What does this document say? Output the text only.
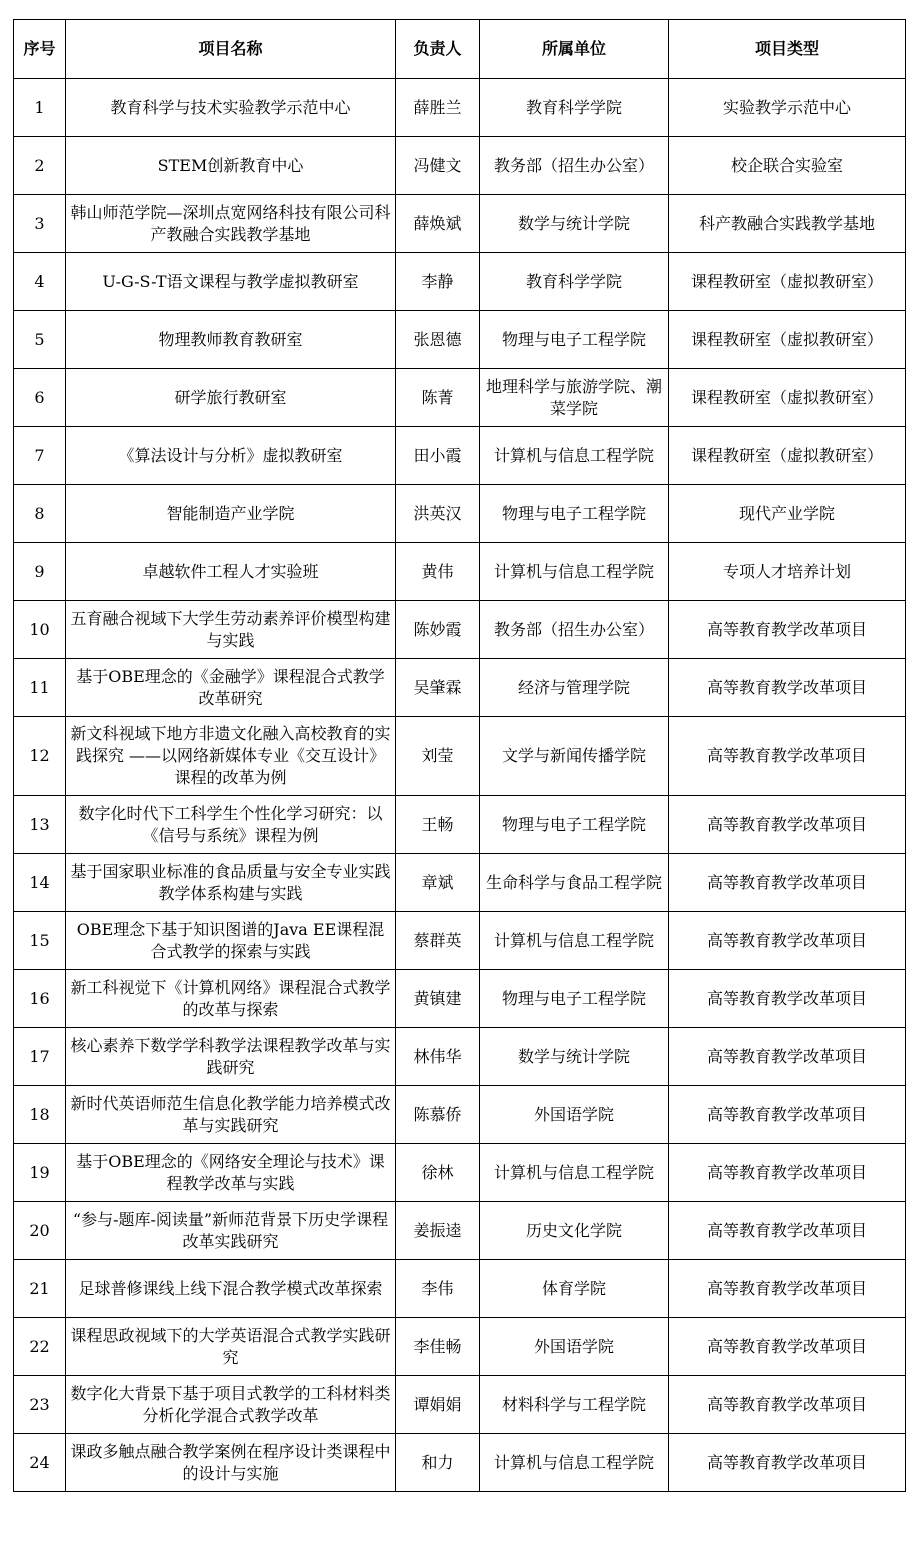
序号	项目名称	负责人	所属单位	项目类型
1	教育科学与技术实验教学示范中心	薛胜兰	教育科学学院	实验教学示范中心
2	STEM创新教育中心	冯健文	教务部（招生办公室）	校企联合实验室
3	韩山师范学院—深圳点宽网络科技有限公司科产教融合实践教学基地	薛焕斌	数学与统计学院	科产教融合实践教学基地
4	U-G-S-T语文课程与教学虚拟教研室	李静	教育科学学院	课程教研室（虚拟教研室）
5	物理教师教育教研室	张恩德	物理与电子工程学院	课程教研室（虚拟教研室）
6	研学旅行教研室	陈菁	地理科学与旅游学院、潮菜学院	课程教研室（虚拟教研室）
7	《算法设计与分析》虚拟教研室	田小霞	计算机与信息工程学院	课程教研室（虚拟教研室）
8	智能制造产业学院	洪英汉	物理与电子工程学院	现代产业学院
9	卓越软件工程人才实验班	黄伟	计算机与信息工程学院	专项人才培养计划
10	五育融合视域下大学生劳动素养评价模型构建与实践	陈妙霞	教务部（招生办公室）	高等教育教学改革项目
11	基于OBE理念的《金融学》课程混合式教学改革研究	吴肇霖	经济与管理学院	高等教育教学改革项目
12	新文科视域下地方非遗文化融入高校教育的实践探究 ——以网络新媒体专业《交互设计》课程的改革为例	刘莹	文学与新闻传播学院	高等教育教学改革项目
13	数字化时代下工科学生个性化学习研究：以《信号与系统》课程为例	王畅	物理与电子工程学院	高等教育教学改革项目
14	基于国家职业标准的食品质量与安全专业实践教学体系构建与实践	章斌	生命科学与食品工程学院	高等教育教学改革项目
15	OBE理念下基于知识图谱的Java EE课程混合式教学的探索与实践	蔡群英	计算机与信息工程学院	高等教育教学改革项目
16	新工科视觉下《计算机网络》课程混合式教学的改革与探索	黄镇建	物理与电子工程学院	高等教育教学改革项目
17	核心素养下数学学科教学法课程教学改革与实践研究	林伟华	数学与统计学院	高等教育教学改革项目
18	新时代英语师范生信息化教学能力培养模式改革与实践研究	陈慕侨	外国语学院	高等教育教学改革项目
19	基于OBE理念的《网络安全理论与技术》课程教学改革与实践	徐林	计算机与信息工程学院	高等教育教学改革项目
20	“参与-题库-阅读量”新师范背景下历史学课程改革实践研究	姜振逵	历史文化学院	高等教育教学改革项目
21	足球普修课线上线下混合教学模式改革探索	李伟	体育学院	高等教育教学改革项目
22	课程思政视域下的大学英语混合式教学实践研究	李佳畅	外国语学院	高等教育教学改革项目
23	数字化大背景下基于项目式教学的工科材料类分析化学混合式教学改革	谭娟娟	材料科学与工程学院	高等教育教学改革项目
24	课政多触点融合教学案例在程序设计类课程中的设计与实施	和力	计算机与信息工程学院	高等教育教学改革项目
